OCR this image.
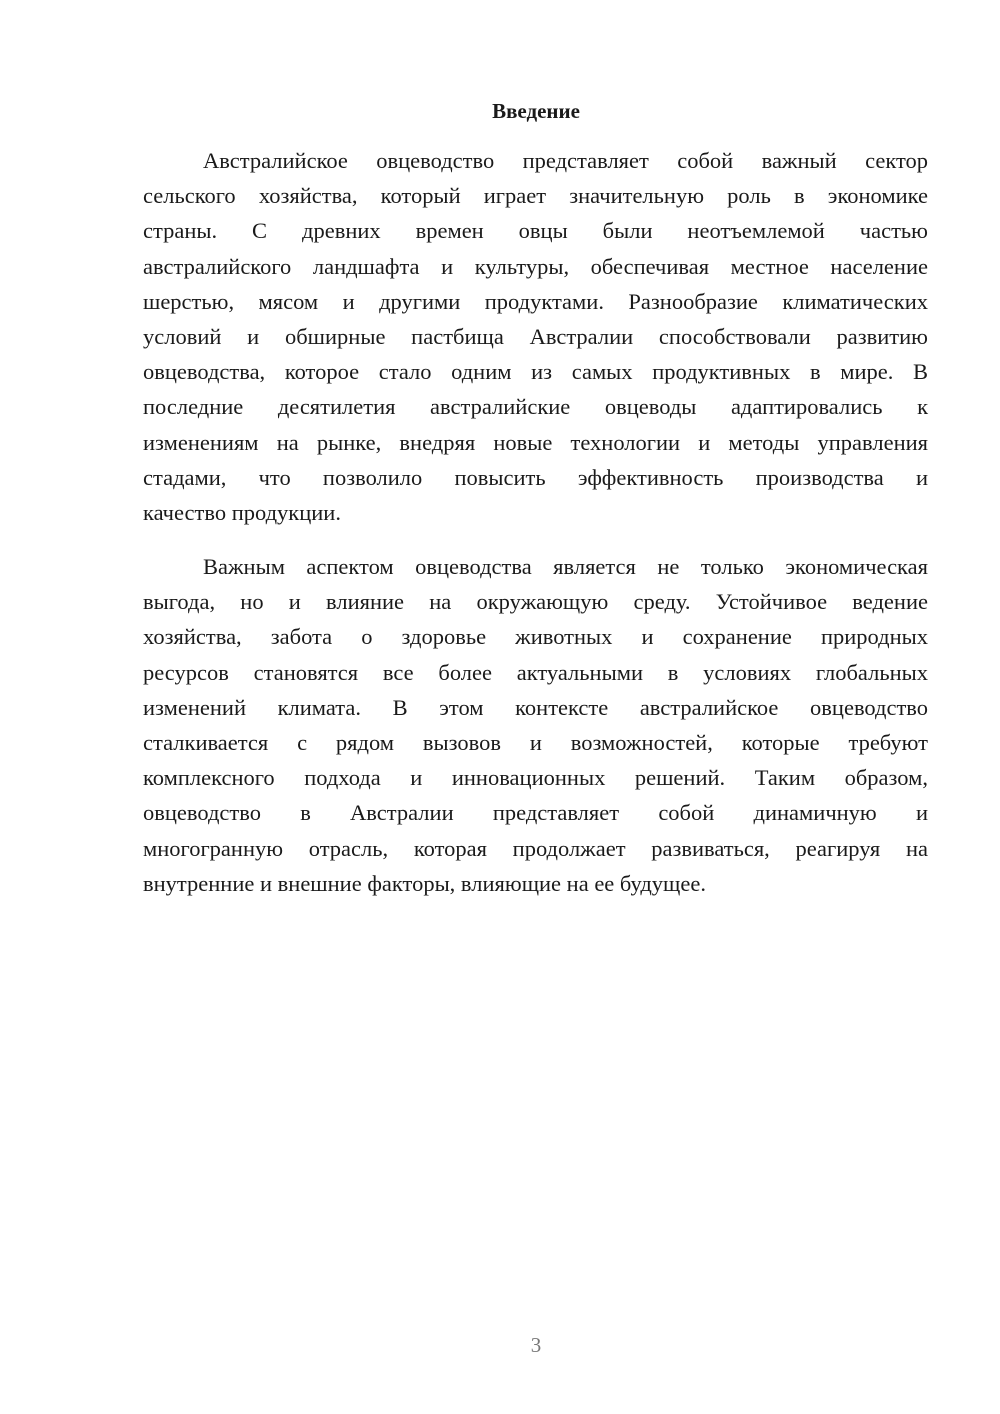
Введение
Австралийское овцеводство представляет собой важный сектор
сельского хозяйства, который играет значительную роль в экономике
страны. С древних времен овцы были неотъемлемой частью
австралийского ландшафта и культуры, обеспечивая местное население
шерстью, мясом и другими продуктами. Разнообразие климатических
условий и обширные пастбища Австралии способствовали развитию
овцеводства, которое стало одним из самых продуктивных в мире. В
последние десятилетия австралийские овцеводы адаптировались к
изменениям на рынке, внедряя новые технологии и методы управления
стадами, что позволило повысить эффективность производства и
качество продукции.
Важным аспектом овцеводства является не только экономическая
выгода, но и влияние на окружающую среду. Устойчивое ведение
хозяйства, забота о здоровье животных и сохранение природных
ресурсов становятся все более актуальными в условиях глобальных
изменений климата. В этом контексте австралийское овцеводство
сталкивается с рядом вызовов и возможностей, которые требуют
комплексного подхода и инновационных решений. Таким образом,
овцеводство в Австралии представляет собой динамичную и
многогранную отрасль, которая продолжает развиваться, реагируя на
внутренние и внешние факторы, влияющие на ее будущее.
3
